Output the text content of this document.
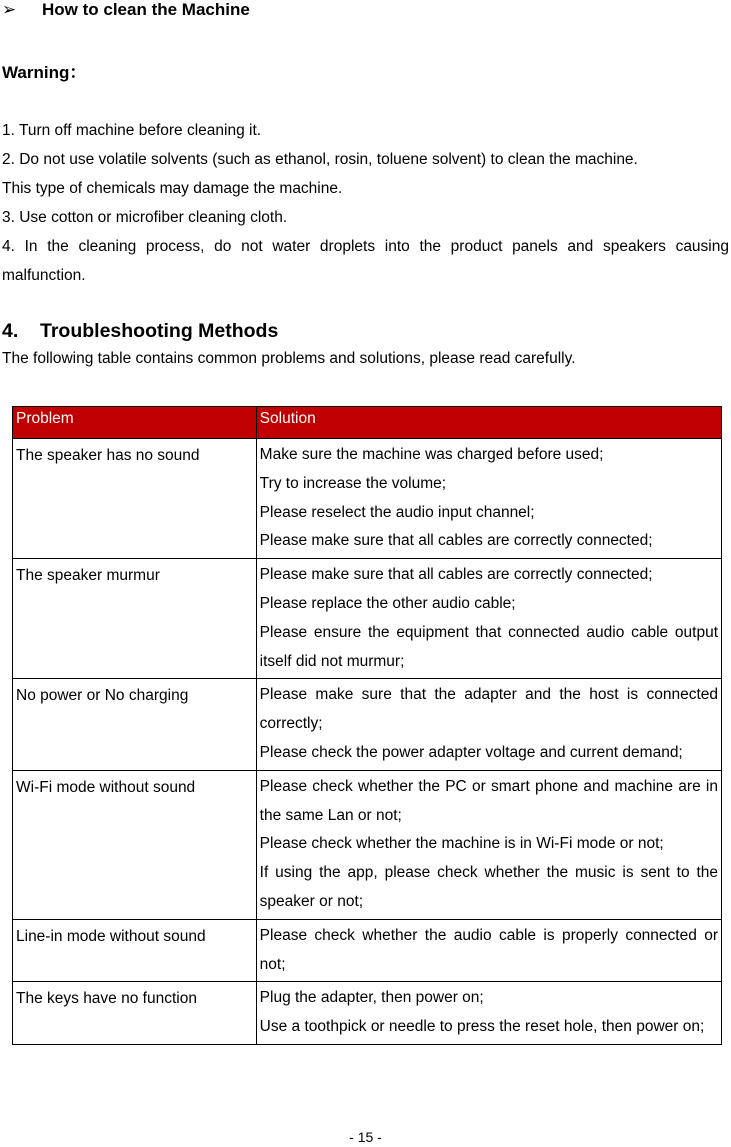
➢ How to clean the Machine
Warning：

1. Turn off machine before cleaning it.

2. Do not use volatile solvents (such as ethanol, rosin, toluene solvent) to clean the machine.

This type of chemicals may damage the machine.

3. Use cotton or microfiber cleaning cloth.

4. In the cleaning process, do not water droplets into the product panels and speakers causing malfunction.

4. Troubleshooting Methods
The following table contains common problems and solutions, please read carefully.
Problem	Solution
The speaker has no sound	Make sure the machine was charged before used;
Try to increase the volume;
Please reselect the audio input channel;
Please make sure that all cables are correctly connected;

The speaker murmur	Please make sure that all cables are correctly connected;
Please replace the other audio cable;
Please ensure the equipment that connected audio cable output itself did not murmur;

No power or No charging	Please make sure that the adapter and the host is connected correctly;
Please check the power adapter voltage and current demand;

Wi-Fi mode without sound	Please check whether the PC or smart phone and machine are in the same Lan or not;
Please check whether the machine is in Wi-Fi mode or not;
If using the app, please check whether the music is sent to the speaker or not;

Line-in mode without sound	Please check whether the audio cable is properly connected or not;

The keys have no function	Plug the adapter, then power on;
Use a toothpick or needle to press the reset hole, then power on;
- 15 -
